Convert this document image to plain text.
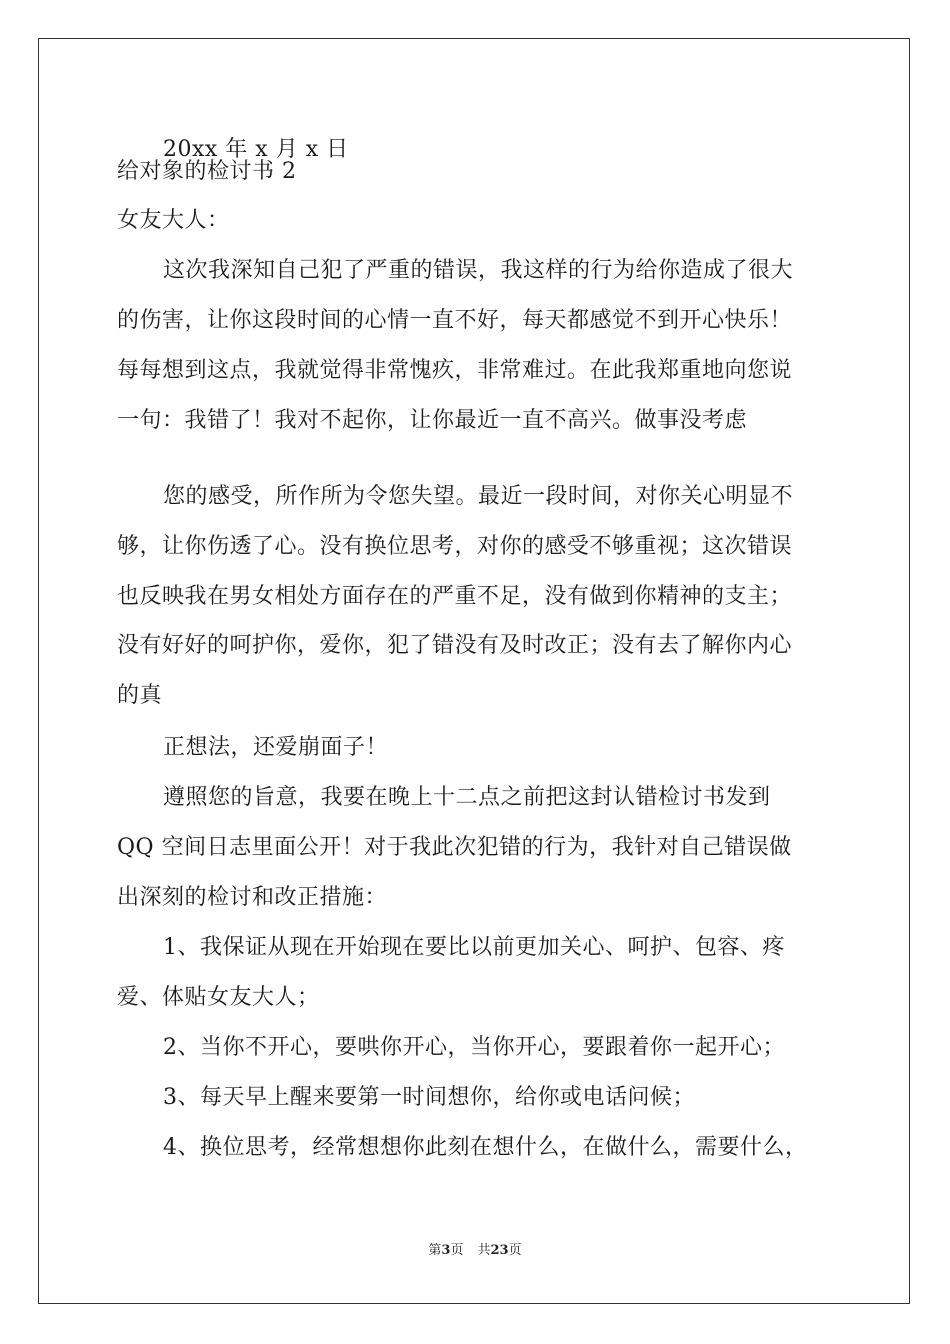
20xx 年 x 月 x 日
给对象的检讨书 2
女友大人：
这次我深知自己犯了严重的错误，我这样的行为给你造成了很大
的伤害，让你这段时间的心情一直不好，每天都感觉不到开心快乐！
每每想到这点，我就觉得非常愧疚，非常难过。在此我郑重地向您说
一句：我错了！我对不起你，让你最近一直不高兴。做事没考虑
您的感受，所作所为令您失望。最近一段时间，对你关心明显不
够，让你伤透了心。没有换位思考，对你的感受不够重视；这次错误
也反映我在男女相处方面存在的严重不足，没有做到你精神的支主；
没有好好的呵护你，爱你，犯了错没有及时改正；没有去了解你内心
的真
正想法，还爱崩面子！
遵照您的旨意，我要在晚上十二点之前把这封认错检讨书发到
QQ 空间日志里面公开！对于我此次犯错的行为，我针对自己错误做
出深刻的检讨和改正措施：
1、我保证从现在开始现在要比以前更加关心、呵护、包容、疼
爱、体贴女友大人；
2、当你不开心，要哄你开心，当你开心，要跟着你一起开心；
3、每天早上醒来要第一时间想你，给你或电话问候；
4、换位思考，经常想想你此刻在想什么，在做什么，需要什么，
第3页 共23页
